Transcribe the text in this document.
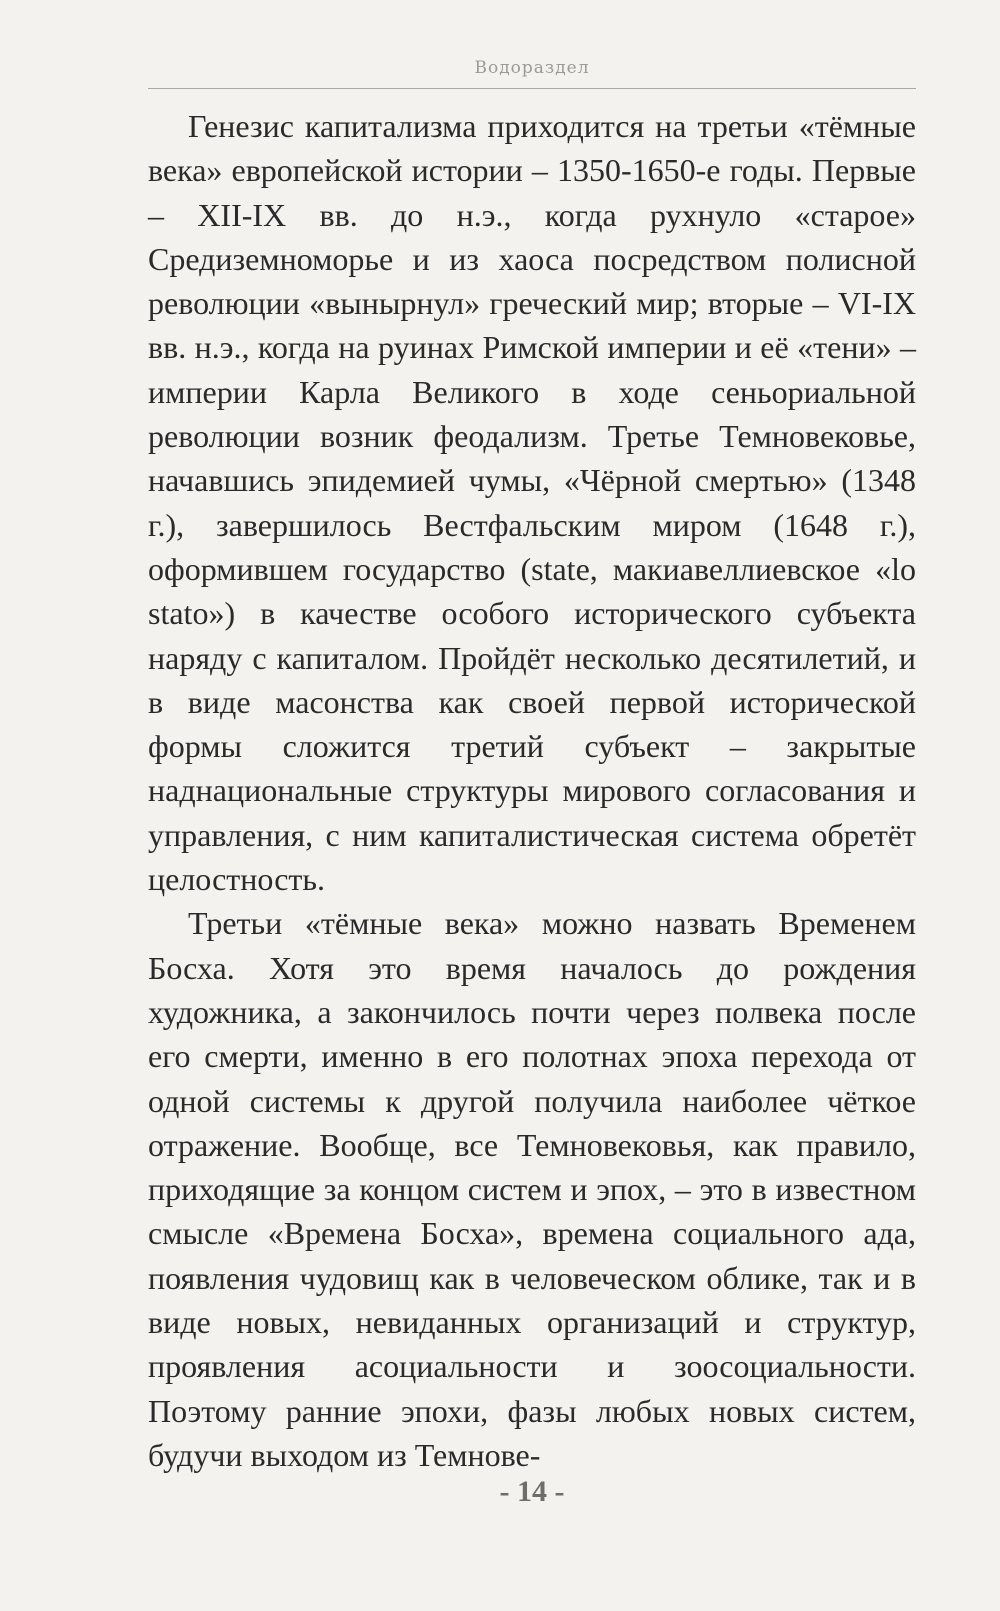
Водораздел

Генезис капитализма приходится на третьи «тёмные века» европейской истории – 1350-1650-е годы. Первые – XII-IX вв. до н.э., когда рухнуло «старое» Средиземноморье и из хаоса посредством полисной революции «вынырнул» греческий мир; вторые – VI-IX вв. н.э., когда на руинах Римской империи и её «тени» – империи Карла Великого в ходе сеньориальной революции возник феодализм. Третье Темновековье, начавшись эпидемией чумы, «Чёрной смертью» (1348 г.), завершилось Вестфальским миром (1648 г.), оформившем государство (state, макиавеллиевское «lo stato») в качестве особого исторического субъекта наряду с капиталом. Пройдёт несколько десятилетий, и в виде масонства как своей первой исторической формы сложится третий субъект – закрытые наднациональные структуры мирового согласования и управления, с ним капиталистическая система обретёт целостность.

Третьи «тёмные века» можно назвать Временем Босха. Хотя это время началось до рождения художника, а закончилось почти через полвека после его смерти, именно в его полотнах эпоха перехода от одной системы к другой получила наиболее чёткое отражение. Вообще, все Темновековья, как правило, приходящие за концом систем и эпох, – это в известном смысле «Времена Босха», времена социального ада, появления чудовищ как в человеческом облике, так и в виде новых, невиданных организаций и структур, проявления асоциальности и зоосоциальности. Поэтому ранние эпохи, фазы любых новых систем, будучи выходом из Темнове-

- 14 -
